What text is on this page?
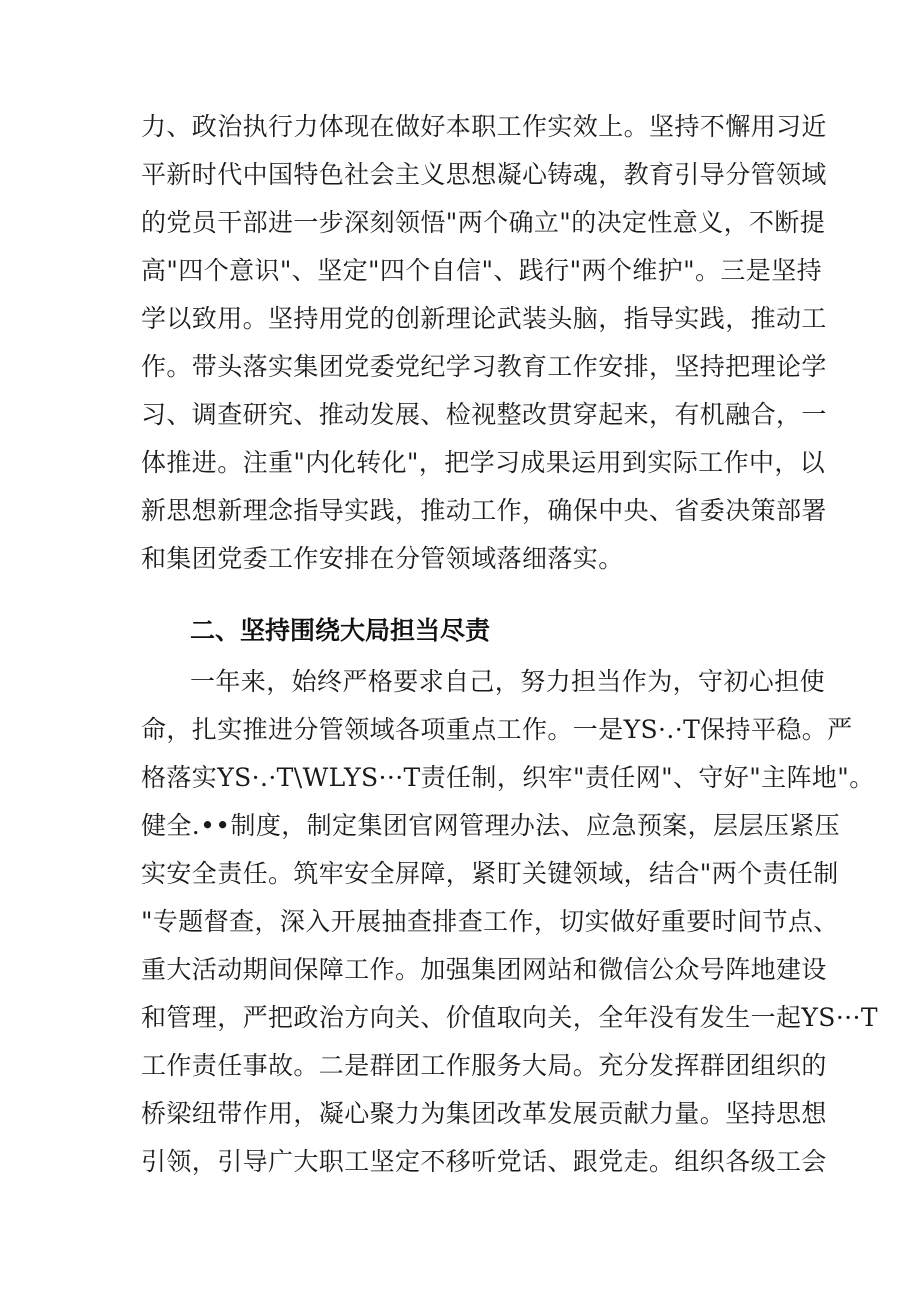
力、政治执行力体现在做好本职工作实效上。坚持不懈用习近
平新时代中国特色社会主义思想凝心铸魂，教育引导分管领域
的党员干部进一步深刻领悟"两个确立"的决定性意义，不断提
高"四个意识"、坚定"四个自信"、践行"两个维护"。三是坚持
学以致用。坚持用党的创新理论武装头脑，指导实践，推动工
作。带头落实集团党委党纪学习教育工作安排，坚持把理论学
习、调查研究、推动发展、检视整改贯穿起来，有机融合，一
体推进。注重"内化转化"，把学习成果运用到实际工作中，以
新思想新理念指导实践，推动工作，确保中央、省委决策部署
和集团党委工作安排在分管领域落细落实。
二、坚持围绕大局担当尽责
一年来，始终严格要求自己，努力担当作为，守初心担使
命，扎实推进分管领域各项重点工作。一是YS·.·T保持平稳。严
格落实YS·.·T\WLYS···T责任制，织牢"责任网"、守好"主阵地"。
健全.••制度，制定集团官网管理办法、应急预案，层层压紧压
实安全责任。筑牢安全屏障，紧盯关键领域，结合"两个责任制
"专题督查，深入开展抽查排查工作，切实做好重要时间节点、
重大活动期间保障工作。加强集团网站和微信公众号阵地建设
和管理，严把政治方向关、价值取向关，全年没有发生一起YS···T
工作责任事故。二是群团工作服务大局。充分发挥群团组织的
桥梁纽带作用，凝心聚力为集团改革发展贡献力量。坚持思想
引领，引导广大职工坚定不移听党话、跟党走。组织各级工会
